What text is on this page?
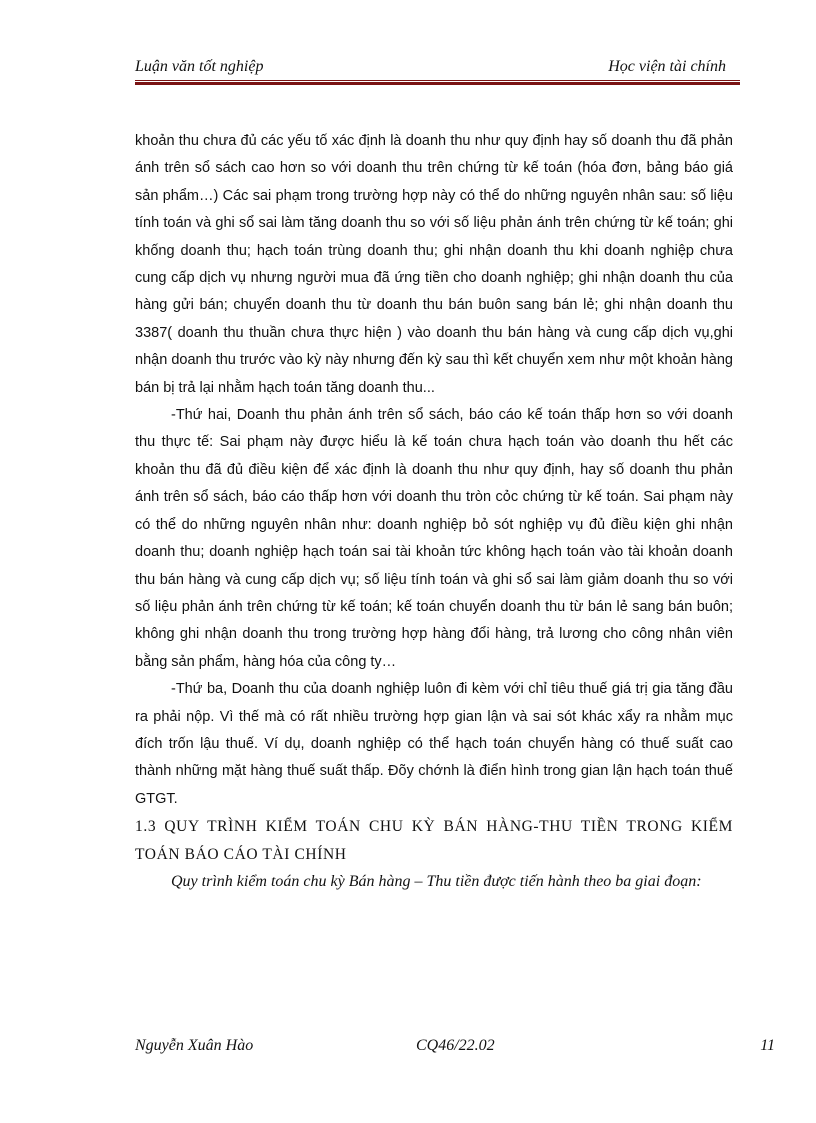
Luận văn tốt nghiệp	Học viện tài chính

khoản thu chưa đủ các yếu tố xác định là doanh thu như quy định hay số doanh thu đã phản ánh trên sổ sách cao hơn so với doanh thu trên chứng từ kế toán (hóa đơn, bảng báo giá sản phẩm…) Các sai phạm trong trường hợp này có thể do những nguyên nhân sau: số liệu tính toán và ghi sổ sai làm tăng doanh thu so với số liệu phản ánh trên chứng từ kế toán; ghi khống doanh thu; hạch toán trùng doanh thu; ghi nhận doanh thu khi doanh nghiệp chưa cung cấp dịch vụ nhưng người mua đã ứng tiền cho doanh nghiệp; ghi nhận doanh thu của hàng gửi bán; chuyển doanh thu từ doanh thu bán buôn sang bán lẻ; ghi nhận doanh thu 3387( doanh thu thuần chưa thực hiện ) vào doanh thu bán hàng và cung cấp dịch vụ,ghi nhận doanh thu trước vào kỳ này nhưng đến kỳ sau thì kết chuyển xem như một khoản hàng bán bị trả lại nhằm hạch toán tăng doanh thu...

-Thứ hai, Doanh thu phản ánh trên sổ sách, báo cáo kế toán thấp hơn so với doanh thu thực tế: Sai phạm này được hiểu là kế toán chưa hạch toán vào doanh thu hết các khoản thu đã đủ điều kiện để xác định là doanh thu như quy định, hay số doanh thu phản ánh trên sổ sách, báo cáo thấp hơn với doanh thu tròn cỏc chứng từ kế toán. Sai phạm này có thể do những nguyên nhân như: doanh nghiệp bỏ sót nghiệp vụ đủ điều kiện ghi nhận doanh thu; doanh nghiệp hạch toán sai tài khoản tức không hạch toán vào tài khoản doanh thu bán hàng và cung cấp dịch vụ; số liệu tính toán và ghi sổ sai làm giảm doanh thu so với số liệu phản ánh trên chứng từ kế toán; kế toán chuyển doanh thu từ bán lẻ sang bán buôn; không ghi nhận doanh thu trong trường hợp hàng đổi hàng, trả lương cho công nhân viên bằng sản phẩm, hàng hóa của công ty…

-Thứ ba, Doanh thu của doanh nghiệp luôn đi kèm với chỉ tiêu thuế giá trị gia tăng đầu ra phải nộp. Vì thế mà có rất nhiều trường hợp gian lận và sai sót khác xẩy ra nhằm mục đích trốn lậu thuế. Ví dụ, doanh nghiệp có thể hạch toán chuyển hàng có thuế suất cao thành những mặt hàng thuế suất thấp. Đõy chớnh là điển hình trong gian lận hạch toán thuế GTGT.

1.3 QUY TRÌNH KIỂM TOÁN CHU KỲ BÁN HÀNG-THU TIỀN TRONG KIỂM TOÁN BÁO CÁO TÀI CHÍNH

Quy trình kiểm toán chu kỳ Bán hàng – Thu tiền được tiến hành theo ba giai đoạn:

Nguyễn Xuân Hào	CQ46/22.02	11
